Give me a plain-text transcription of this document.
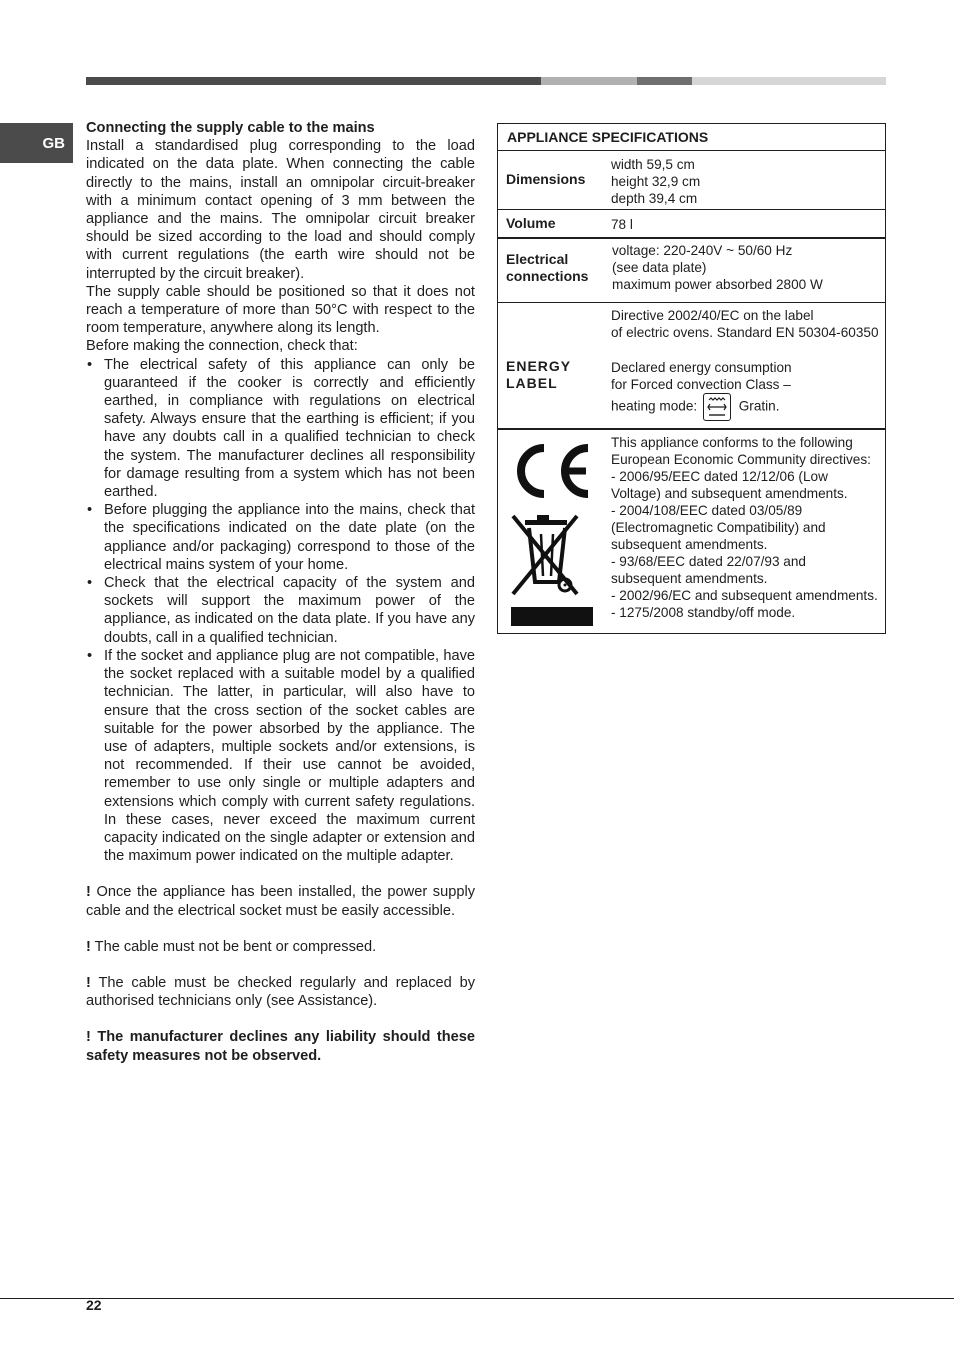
GB
Connecting the supply cable to the mains

Install a standardised plug corresponding to the load indicated on the data plate. When connecting the cable directly to the mains, install an omnipolar circuit-breaker with a minimum contact opening of 3 mm between the appliance and the mains. The omnipolar circuit breaker should be sized according to the load and should comply with current regulations (the earth wire should not be interrupted by the circuit breaker).

The supply cable should be positioned so that it does not reach a temperature of more than 50°C with respect to the room temperature, anywhere along its length.

Before making the connection, check that:

• The electrical safety of this appliance can only be guaranteed if the cooker is correctly and efficiently earthed, in compliance with regulations on electrical safety. Always ensure that the earthing is efficient; if you have any doubts call in a qualified technician to check the system. The manufacturer declines all responsibility for damage resulting from a system which has not been earthed.
• Before plugging the appliance into the mains, check that the specifications indicated on the date plate (on the appliance and/or packaging) correspond to those of the electrical mains system of your home.
• Check that the electrical capacity of the system and sockets will support the maximum power of the appliance, as indicated on the data plate. If you have any doubts, call in a qualified technician.
• If the socket and appliance plug are not compatible, have the socket replaced with a suitable model by a qualified technician. The latter, in particular, will also have to ensure that the cross section of the socket cables are suitable for the power absorbed by the appliance. The use of adapters, multiple sockets and/or extensions, is not recommended. If their use cannot be avoided, remember to use only single or multiple adapters and extensions which comply with current safety regulations. In these cases, never exceed the maximum current capacity indicated on the single adapter or extension and the maximum power indicated on the multiple adapter.

! Once the appliance has been installed, the power supply cable and the electrical socket must be easily accessible.

! The cable must not be bent or compressed.

! The cable must be checked regularly and replaced by authorised technicians only (see Assistance).

! The manufacturer declines any liability should these safety measures not be observed.

APPLIANCE SPECIFICATIONS
Dimensions
width 59,5 cm
height 32,9 cm
depth 39,4 cm
Volume	78 l
Electrical
connections
voltage: 220-240V ~ 50/60 Hz
(see data plate)
maximum power absorbed 2800 W
ENERGY
LABEL
Directive 2002/40/EC on the label
of electric ovens. Standard EN 50304-60350
Declared energy consumption
for Forced convection Class –
heating mode:	Gratin.
This appliance conforms to the following
European Economic Community directives:
- 2006/95/EEC dated 12/12/06 (Low
Voltage) and subsequent amendments.
- 2004/108/EEC dated 03/05/89
(Electromagnetic Compatibility) and
subsequent amendments.
- 93/68/EEC dated 22/07/93 and
subsequent amendments.
- 2002/96/EC and subsequent amendments.
- 1275/2008 standby/off mode.
22
